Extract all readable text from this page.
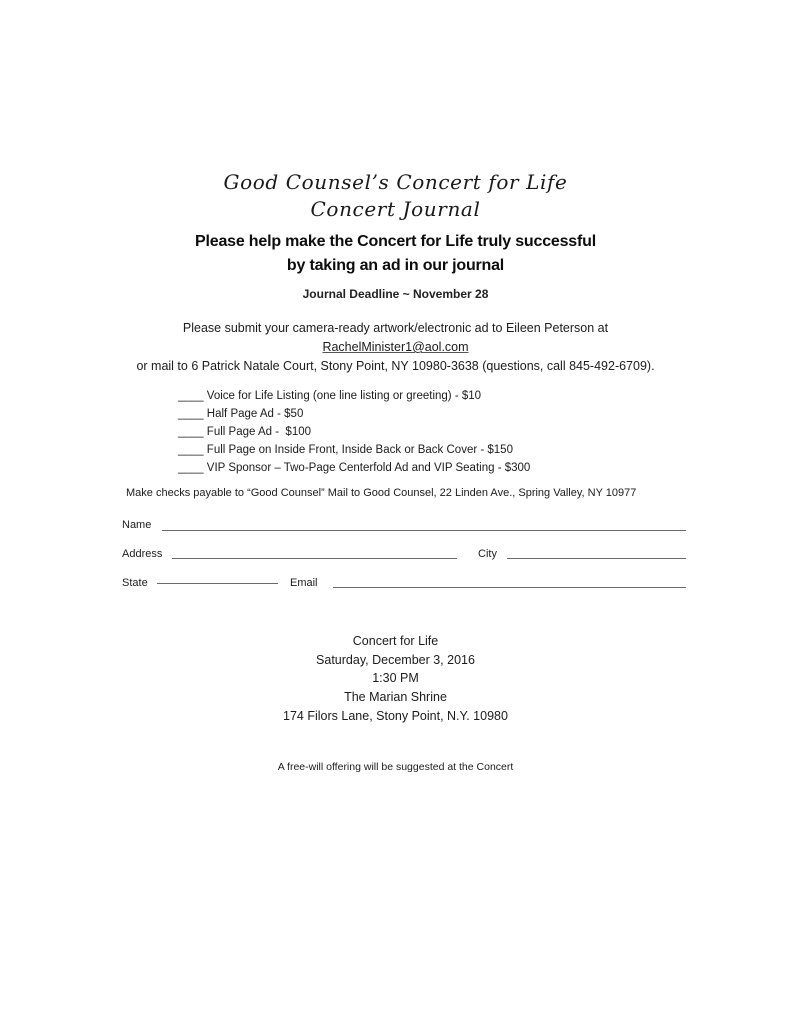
Good Counsel’s Concert for Life
Concert Journal
Please help make the Concert for Life truly successful
by taking an ad in our journal
Journal Deadline ~ November 28
Please submit your camera-ready artwork/electronic ad to Eileen Peterson at
RachelMinister1@aol.com
or mail to 6 Patrick Natale Court, Stony Point, NY 10980-3638 (questions, call 845-492-6709).
____ Voice for Life Listing (one line listing or greeting) - $10
____ Half Page Ad - $50
____ Full Page Ad -  $100
____ Full Page on Inside Front, Inside Back or Back Cover - $150
____ VIP Sponsor – Two-Page Centerfold Ad and VIP Seating - $300
Make checks payable to “Good Counsel” Mail to Good Counsel, 22 Linden Ave., Spring Valley, NY 10977
Name
Address	City
State	Email
Concert for Life
Saturday, December 3, 2016
1:30 PM
The Marian Shrine
174 Filors Lane, Stony Point, N.Y. 10980
A free-will offering will be suggested at the Concert
